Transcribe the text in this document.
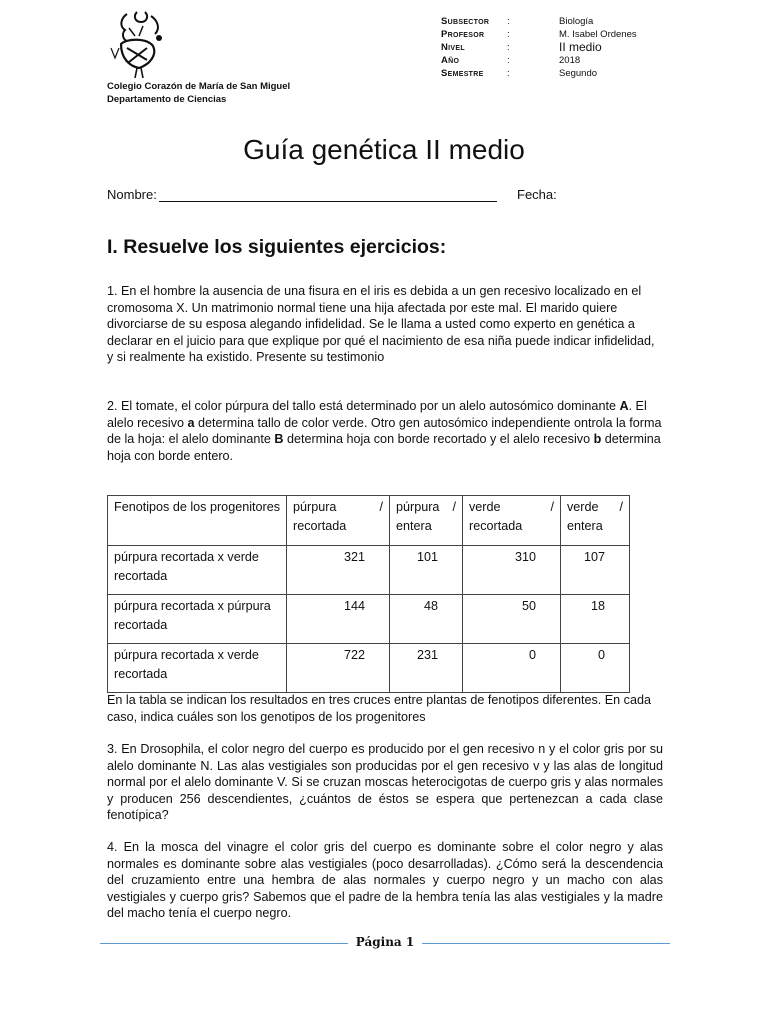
Colegio Corazón de María de San Miguel
Departamento de Ciencias
Subsector	:	Biología
Profesor	:	M. Isabel Ordenes
Nivel	:	II medio
Año	:	2018
Semestre	:	Segundo
Guía genética II medio
Nombre:	Fecha:
I. Resuelve los siguientes ejercicios:
1. En el hombre la ausencia de una fisura en el iris es debida a un gen recesivo localizado en el cromosoma X. Un matrimonio normal tiene una hija afectada por este mal. El marido quiere divorciarse de su esposa alegando infidelidad. Se le llama a usted como experto en genética a declarar en el juicio para que explique por qué el nacimiento de esa niña puede indicar infidelidad, y si realmente ha existido. Presente su testimonio
2. El tomate, el color púrpura del tallo está determinado por un alelo autosómico dominante A. El alelo recesivo a determina tallo de color verde. Otro gen autosómico independiente ontrola la forma de la hoja: el alelo dominante B determina hoja con borde recortado y el alelo recesivo b determina hoja con borde entero.
Fenotipos de los progenitores	púrpura / recortada	púrpura / entera	verde / recortada	verde / entera
púrpura recortada x verde recortada	321	101	310	107
púrpura recortada x púrpura recortada	144	48	50	18
púrpura recortada x verde recortada	722	231	0	0
En la tabla se indican los resultados en tres cruces entre plantas de fenotipos diferentes. En cada caso, indica cuáles son los genotipos de los progenitores
3. En Drosophila, el color negro del cuerpo es producido por el gen recesivo n y el color gris por su alelo dominante N. Las alas vestigiales son producidas por el gen recesivo v y las alas de longitud normal por el alelo dominante V. Si se cruzan moscas heterocigotas de cuerpo gris y alas normales y producen 256 descendientes, ¿cuántos de éstos se espera que pertenezcan a cada clase fenotípica?
4. En la mosca del vinagre el color gris del cuerpo es dominante sobre el color negro y alas normales es dominante sobre alas vestigiales (poco desarrolladas). ¿Cómo será la descendencia del cruzamiento entre una hembra de alas normales y cuerpo negro y un macho con alas vestigiales y cuerpo gris? Sabemos que el padre de la hembra tenía las alas vestigiales y la madre del macho tenía el cuerpo negro.
Página 1
